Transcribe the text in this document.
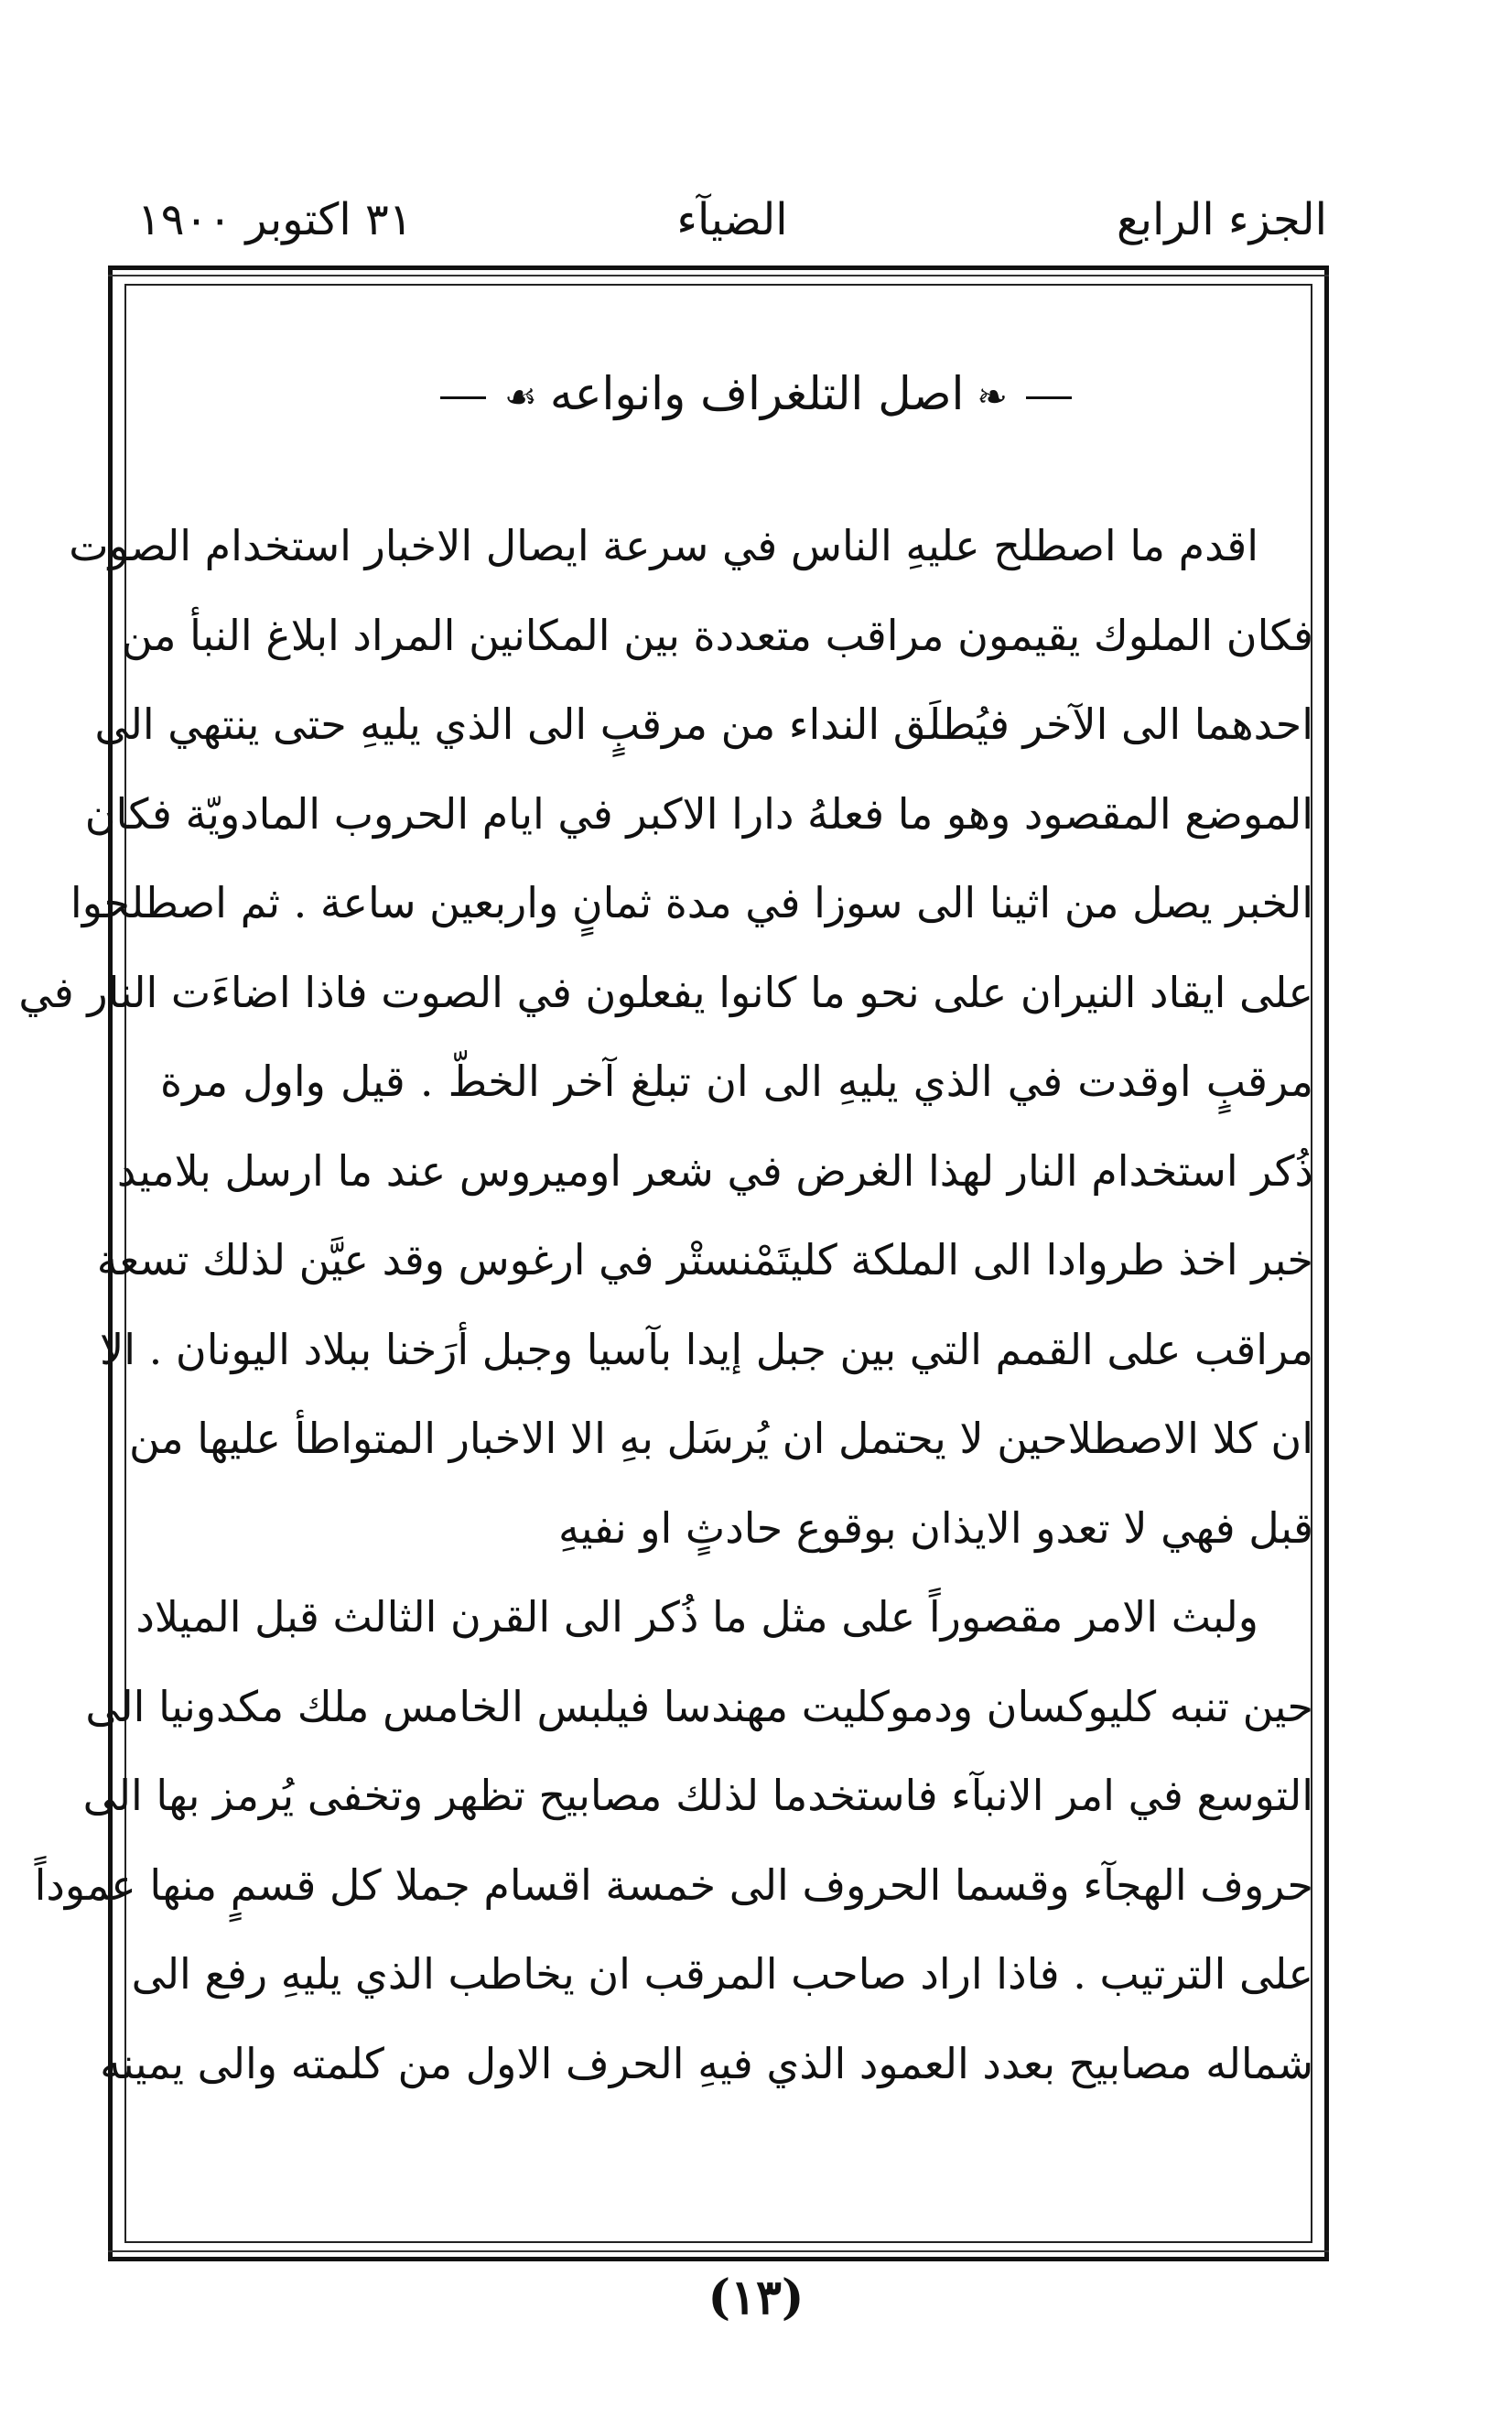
الجزء الرابع
الضيآء
٣١ اكتوبر ١٩٠٠
❧اصل التلغراف وانواعه☙
اقدم ما اصطلح عليهِ الناس في سرعة ايصال الاخبار استخدام الصوت
فكان الملوك يقيمون مراقب متعددة بين المكانين المراد ابلاغ النبأ من
احدهما الى الآخر فيُطلَق النداء من مرقبٍ الى الذي يليهِ حتى ينتهي الى
الموضع المقصود وهو ما فعلهُ دارا الاكبر في ايام الحروب المادويّة فكان
الخبر يصل من اثينا الى سوزا في مدة ثمانٍ واربعين ساعة . ثم اصطلحوا
على ايقاد النيران على نحو ما كانوا يفعلون في الصوت فاذا اضاءَت النار في
مرقبٍ اوقدت في الذي يليهِ الى ان تبلغ آخر الخطّ . قيل واول مرة
ذُكر استخدام النار لهذا الغرض في شعر اوميروس عند ما ارسل بلاميد
خبر اخذ طروادا الى الملكة كليتَمْنستْر في ارغوس وقد عيَّن لذلك تسعة
مراقب على القمم التي بين جبل إيدا بآسيا وجبل أرَخنا ببلاد اليونان . الا
ان كلا الاصطلاحين لا يحتمل ان يُرسَل بهِ الا الاخبار المتواطأ عليها من
قبل فهي لا تعدو الايذان بوقوع حادثٍ او نفيهِ
ولبث الامر مقصوراً على مثل ما ذُكر الى القرن الثالث قبل الميلاد
حين تنبه كليوكسان ودموكليت مهندسا فيلبس الخامس ملك مكدونيا الى
التوسع في امر الانبآء فاستخدما لذلك مصابيح تظهر وتخفى يُرمز بها الى
حروف الهجآء وقسما الحروف الى خمسة اقسام جملا كل قسمٍ منها عموداً
على الترتيب . فاذا اراد صاحب المرقب ان يخاطب الذي يليهِ رفع الى
شماله مصابيح بعدد العمود الذي فيهِ الحرف الاول من كلمته والى يمينه
(١٣)
